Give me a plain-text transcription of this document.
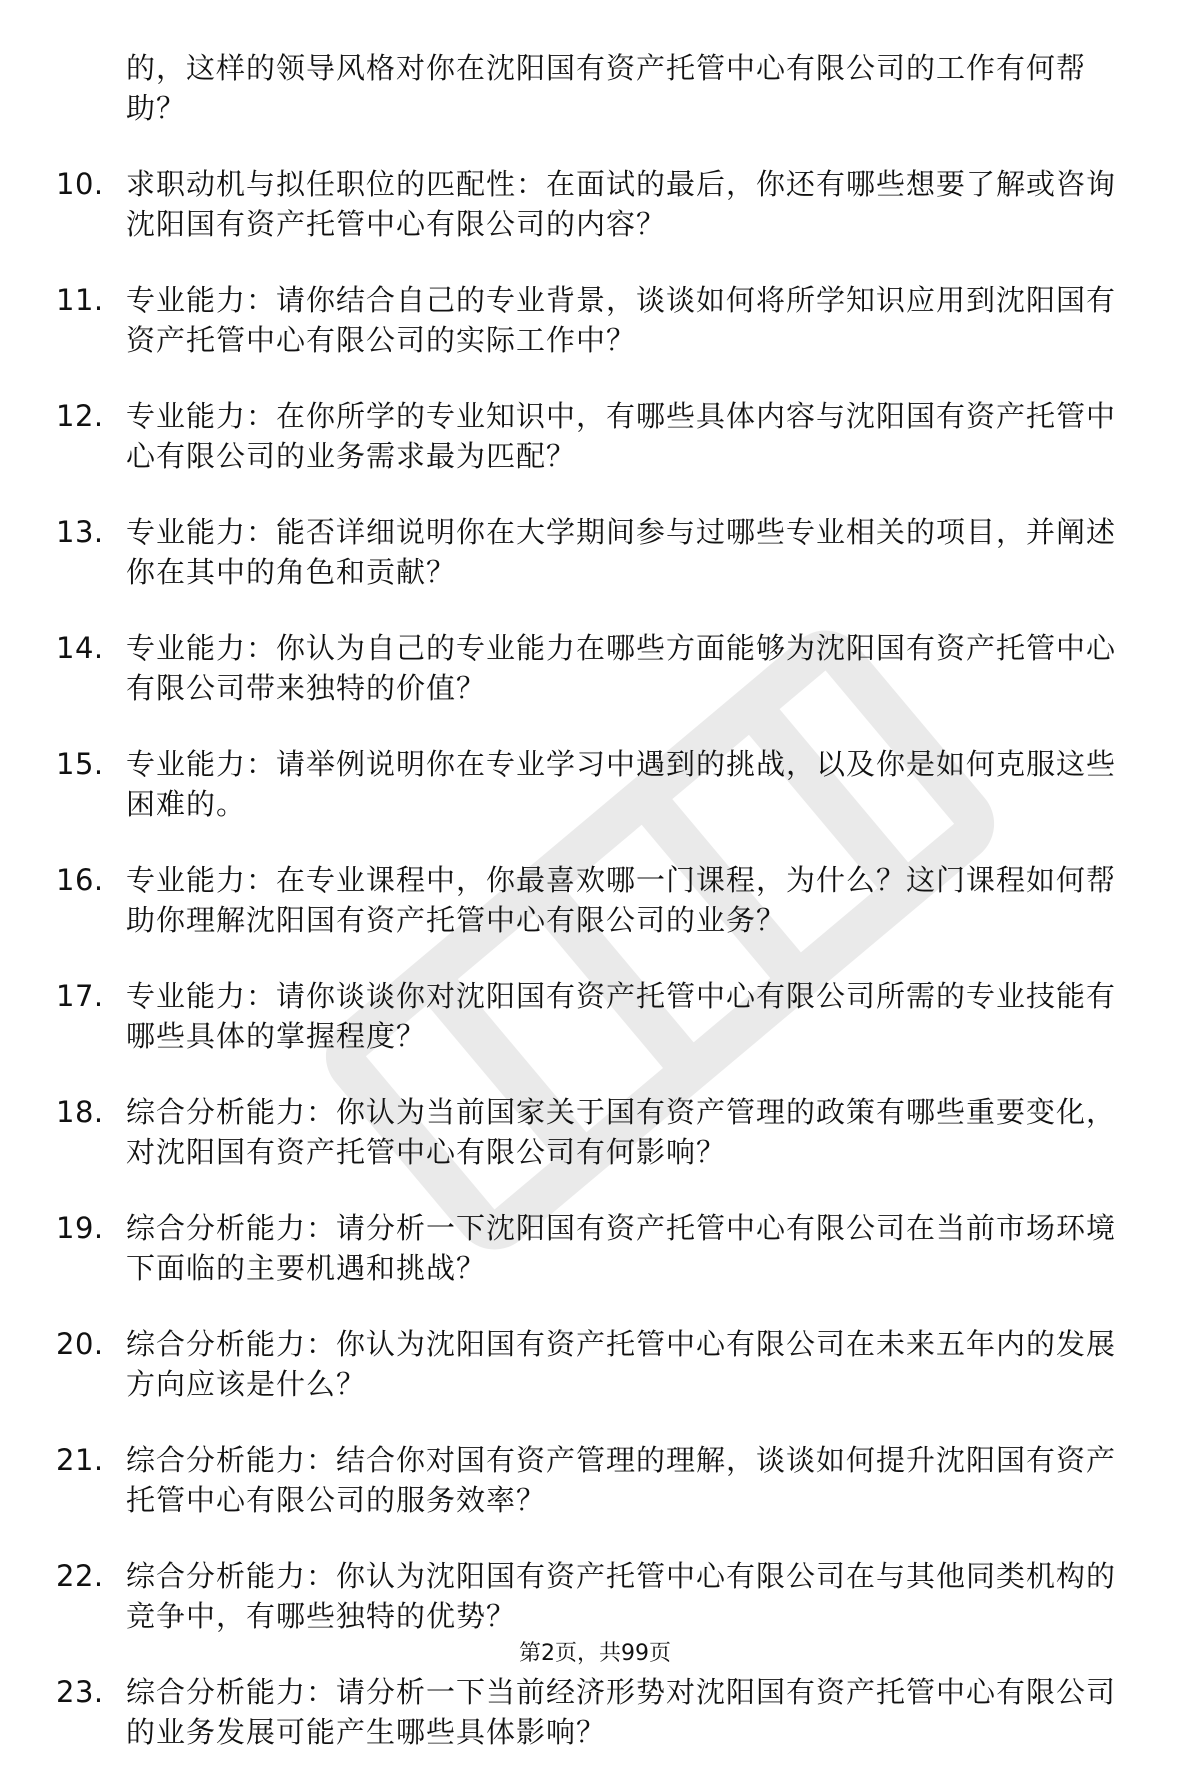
的，这样的领导风格对你在沈阳国有资产托管中心有限公司的工作有何帮助？
10. 求职动机与拟任职位的匹配性：在面试的最后，你还有哪些想要了解或咨询沈阳国有资产托管中心有限公司的内容？
11. 专业能力：请你结合自己的专业背景，谈谈如何将所学知识应用到沈阳国有资产托管中心有限公司的实际工作中？
12. 专业能力：在你所学的专业知识中，有哪些具体内容与沈阳国有资产托管中心有限公司的业务需求最为匹配？
13. 专业能力：能否详细说明你在大学期间参与过哪些专业相关的项目，并阐述你在其中的角色和贡献？
14. 专业能力：你认为自己的专业能力在哪些方面能够为沈阳国有资产托管中心有限公司带来独特的价值？
15. 专业能力：请举例说明你在专业学习中遇到的挑战，以及你是如何克服这些困难的。
16. 专业能力：在专业课程中，你最喜欢哪一门课程，为什么？这门课程如何帮助你理解沈阳国有资产托管中心有限公司的业务？
17. 专业能力：请你谈谈你对沈阳国有资产托管中心有限公司所需的专业技能有哪些具体的掌握程度？
18. 综合分析能力：你认为当前国家关于国有资产管理的政策有哪些重要变化，对沈阳国有资产托管中心有限公司有何影响？
19. 综合分析能力：请分析一下沈阳国有资产托管中心有限公司在当前市场环境下面临的主要机遇和挑战？
20. 综合分析能力：你认为沈阳国有资产托管中心有限公司在未来五年内的发展方向应该是什么？
21. 综合分析能力：结合你对国有资产管理的理解，谈谈如何提升沈阳国有资产托管中心有限公司的服务效率？
22. 综合分析能力：你认为沈阳国有资产托管中心有限公司在与其他同类机构的竞争中，有哪些独特的优势？
23. 综合分析能力：请分析一下当前经济形势对沈阳国有资产托管中心有限公司的业务发展可能产生哪些具体影响？
第2页，共99页
